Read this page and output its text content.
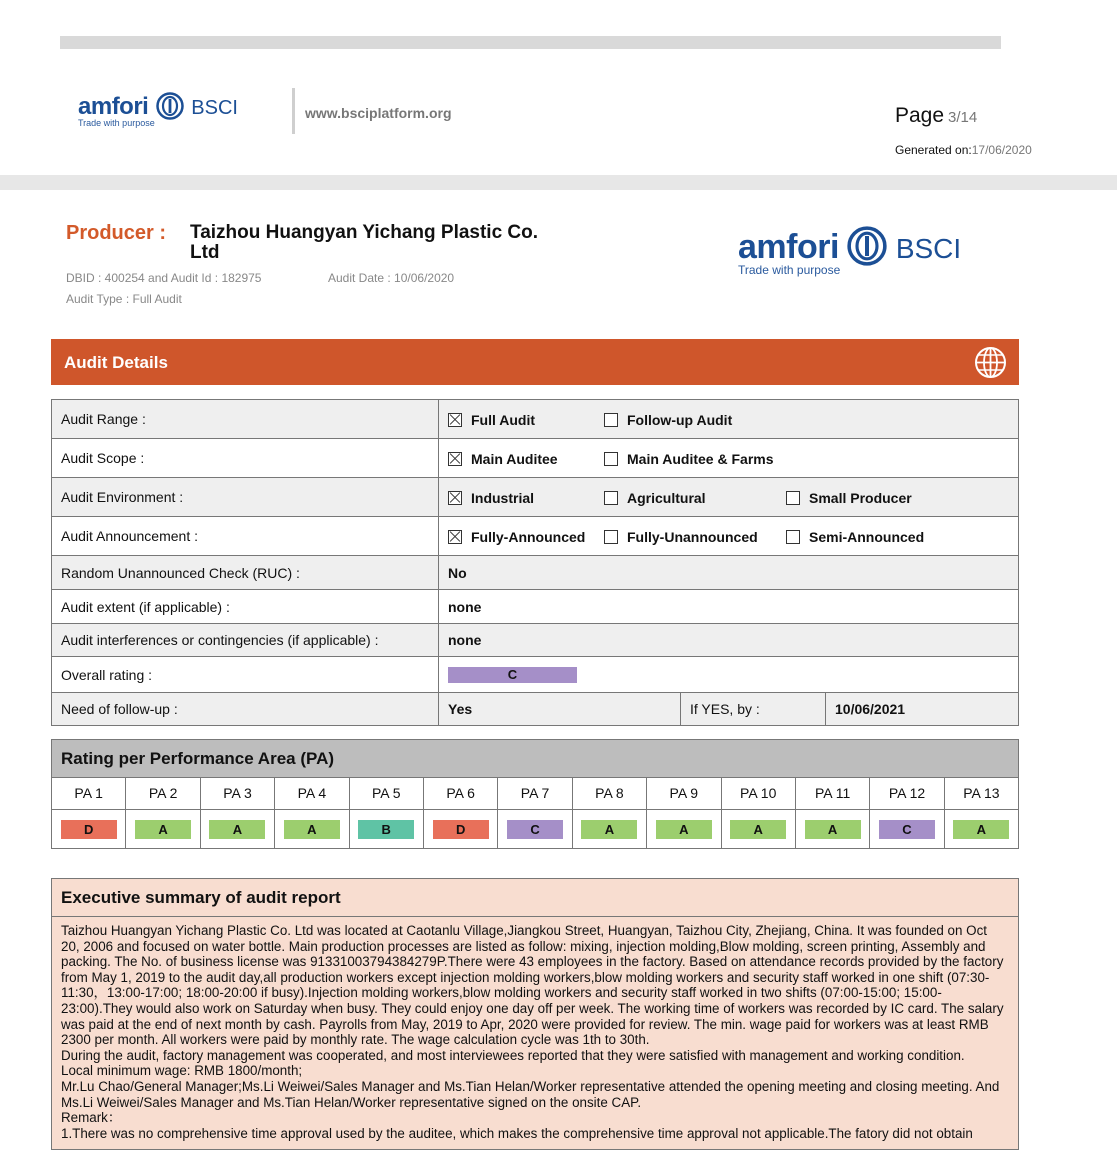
amfori BSCI
Trade with purpose
www.bsciplatform.org	Page 3/14
Generated on:17/06/2020
Producer : Taizhou Huangyan Yichang Plastic Co. Ltd
DBID : 400254 and Audit Id : 182975	Audit Date : 10/06/2020
Audit Type : Full Audit
amfori BSCI
Trade with purpose
Audit Details
Audit Range :	Full Audit Follow-up Audit		
Audit Scope :	Main Auditee Main Auditee & Farms		
Audit Environment :	Industrial Agricultural Small Producer		
Audit Announcement :	Fully-Announced Fully-Unannounced Semi-Announced		
Random Unannounced Check (RUC) :	No		
Audit extent (if applicable) :	none		
Audit interferences or contingencies (if applicable) :	none		
Overall rating :	C		
Need of follow-up :	Yes	If YES, by :	10/06/2021
Rating per Performance Area (PA)
PA 1	PA 2	PA 3	PA 4	PA 5	PA 6	PA 7	PA 8	PA 9	PA 10	PA 11	PA 12	PA 13
D	A	A	A	B	D	C	A	A	A	A	C	A
Executive summary of audit report
Taizhou Huangyan Yichang Plastic Co. Ltd was located at Caotanlu Village,Jiangkou Street, Huangyan, Taizhou City, Zhejiang, China. It was founded on Oct 20, 2006 and focused on water bottle. Main production processes are listed as follow: mixing, injection molding,Blow molding, screen printing, Assembly and packing. The No. of business license was 91331003794384279P.There were 43 employees in the factory. Based on attendance records provided by the factory from May 1, 2019 to the audit day,all production workers except injection molding workers,blow molding workers and security staff worked in one shift (07:30-11:30，13:00-17:00; 18:00-20:00 if busy).Injection molding workers,blow molding workers and security staff worked in two shifts (07:00-15:00; 15:00-23:00).They would also work on Saturday when busy. They could enjoy one day off per week. The working time of workers was recorded by IC card. The salary was paid at the end of next month by cash. Payrolls from May, 2019 to Apr, 2020 were provided for review. The min. wage paid for workers was at least RMB 2300 per month. All workers were paid by monthly rate. The wage calculation cycle was 1th to 30th.
During the audit, factory management was cooperated, and most interviewees reported that they were satisfied with management and working condition.
Local minimum wage: RMB 1800/month;
Mr.Lu Chao/General Manager;Ms.Li Weiwei/Sales Manager and Ms.Tian Helan/Worker representative attended the opening meeting and closing meeting. And Ms.Li Weiwei/Sales Manager and Ms.Tian Helan/Worker representative signed on the onsite CAP.
Remark：
1.There was no comprehensive time approval used by the auditee, which makes the comprehensive time approval not applicable.The fatory did not obtain
